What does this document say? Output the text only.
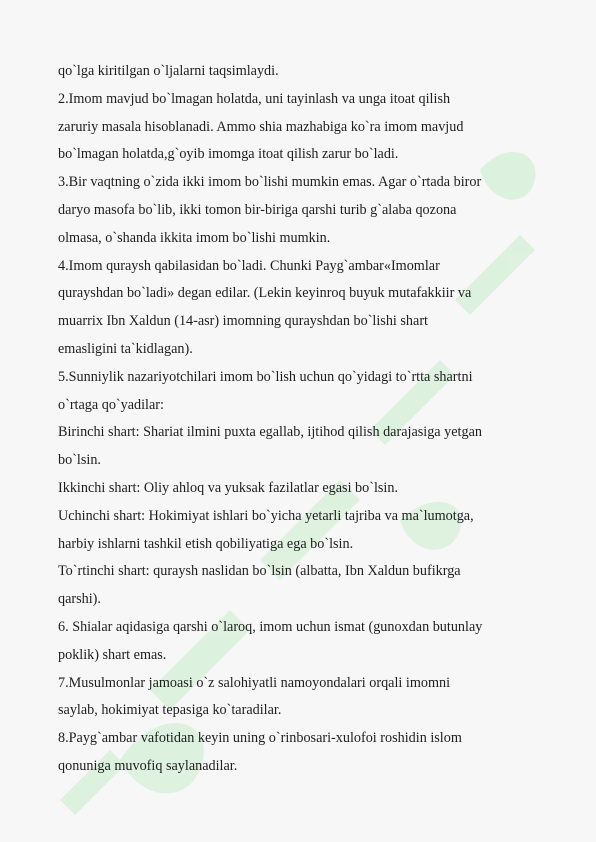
qo`lga kiritilgan o`ljalarni taqsimlaydi.
2.Imom mavjud bo`lmagan holatda, uni tayinlash va unga itoat qilish
zaruriy masala hisoblanadi. Ammo shia mazhabiga ko`ra imom mavjud
bo`lmagan holatda,g`oyib imomga itoat qilish zarur bo`ladi.
3.Bir vaqtning o`zida ikki imom bo`lishi mumkin emas. Agar o`rtada biror
daryo masofa bo`lib, ikki tomon bir-biriga qarshi turib g`alaba qozona
olmasa, o`shanda ikkita imom bo`lishi mumkin.
4.Imom quraysh qabilasidan bo`ladi. Chunki Payg`ambar«Imomlar
qurayshdan bo`ladi» degan edilar. (Lekin keyinroq buyuk mutafakkiir va
muarrix Ibn Xaldun (14-asr) imomning qurayshdan bo`lishi shart
emasligini ta`kidlagan).
5.Sunniylik nazariyotchilari imom bo`lish uchun qo`yidagi to`rtta shartni
o`rtaga qo`yadilar:
Birinchi shart: Shariat ilmini puxta egallab, ijtihod qilish darajasiga yetgan
bo`lsin.
Ikkinchi shart: Oliy ahloq va yuksak fazilatlar egasi bo`lsin.
Uchinchi shart: Hokimiyat ishlari bo`yicha yetarli tajriba va ma`lumotga,
harbiy ishlarni tashkil etish qobiliyatiga ega bo`lsin.
To`rtinchi shart: quraysh naslidan bo`lsin (albatta, Ibn Xaldun bufikrga
qarshi).
6. Shialar aqidasiga qarshi o`laroq, imom uchun ismat (gunoxdan butunlay
poklik) shart emas.
7.Musulmonlar jamoasi o`z salohiyatli namoyondalari orqali imomni
saylab, hokimiyat tepasiga ko`taradilar.
8.Payg`ambar vafotidan keyin uning o`rinbosari-xulofoi roshidin islom
qonuniga muvofiq saylanadilar.
